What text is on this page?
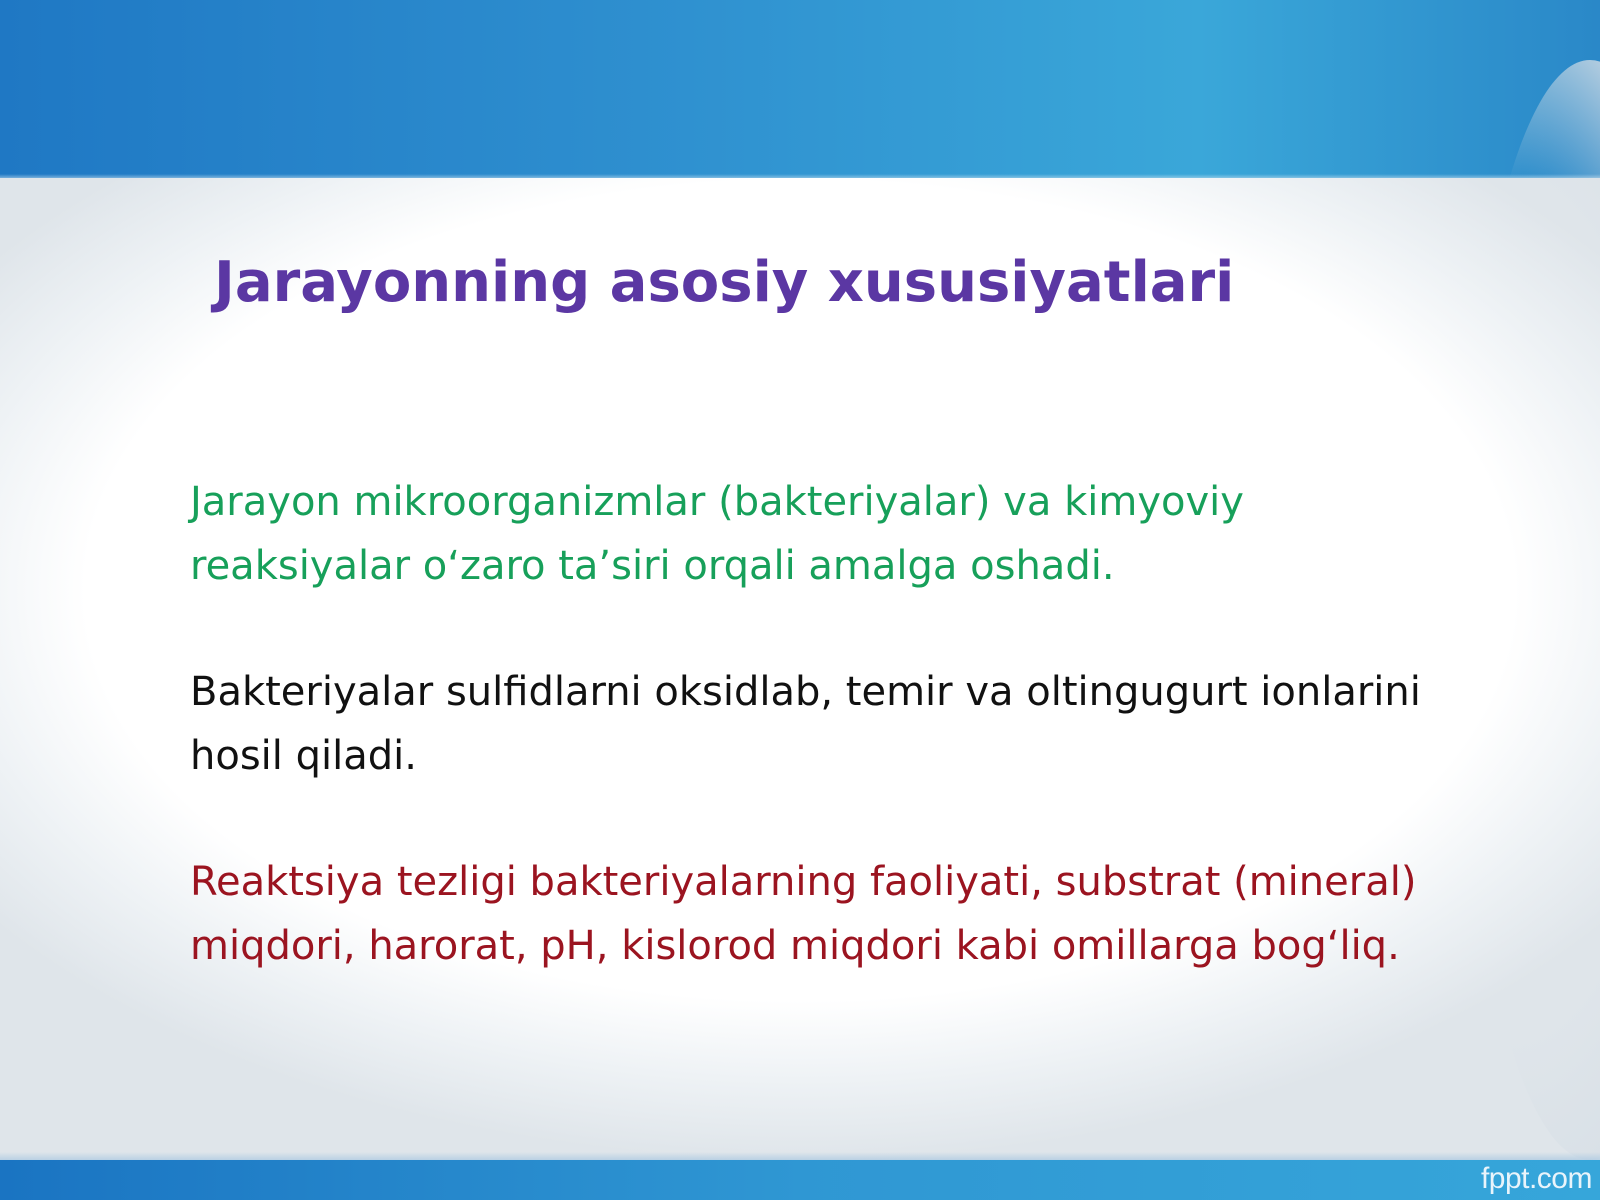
Jarayonning asosiy xususiyatlari

Jarayon mikroorganizmlar (bakteriyalar) va kimyoviy
reaksiyalar o‘zaro ta’siri orqali amalga oshadi.

Bakteriyalar sulfidlarni oksidlab, temir va oltingugurt ionlarini
hosil qiladi.

Reaktsiya tezligi bakteriyalarning faoliyati, substrat (mineral)
miqdori, harorat, pH, kislorod miqdori kabi omillarga bog‘liq.

fppt.com
